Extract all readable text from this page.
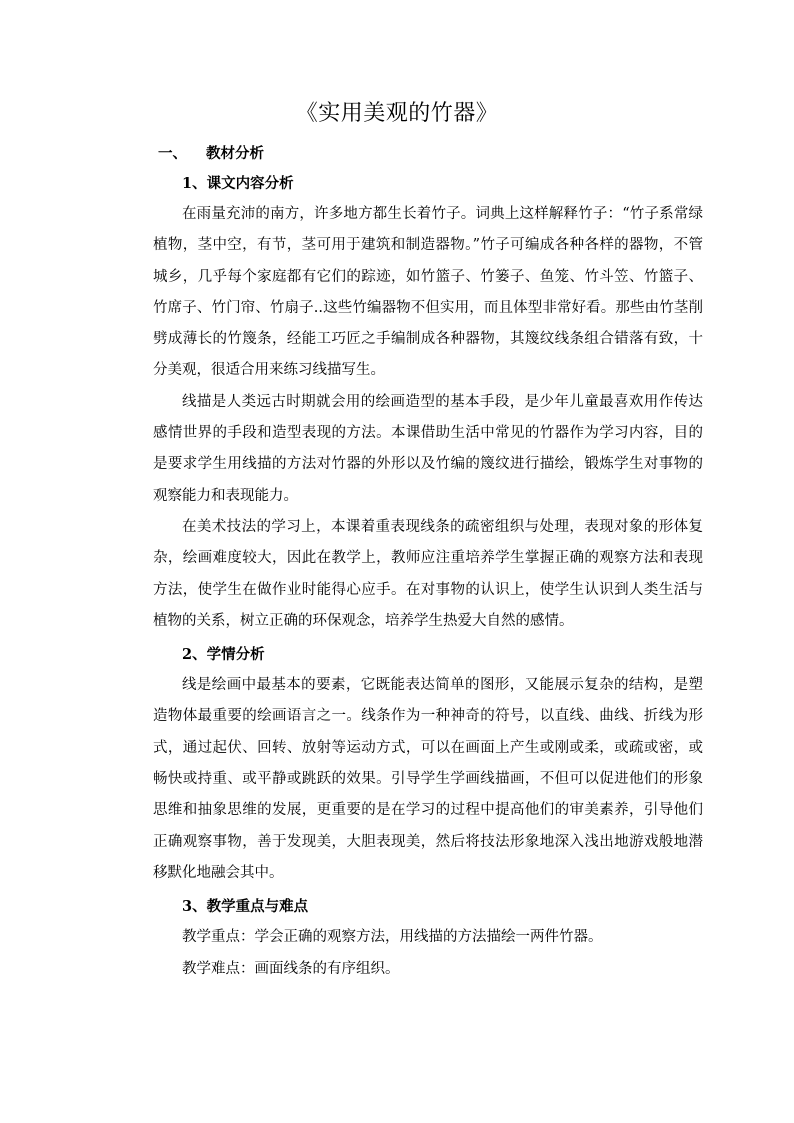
《实用美观的竹器》
一、	教材分析
1、课文内容分析

在雨量充沛的南方，许多地方都生长着竹子。词典上这样解释竹子：“竹子系常绿植物，茎中空，有节，茎可用于建筑和制造器物。”竹子可编成各种各样的器物，不管城乡，几乎每个家庭都有它们的踪迹，如竹篮子、竹篓子、鱼笼、竹斗笠、竹篮子、竹席子、竹门帘、竹扇子..这些竹编器物不但实用，而且体型非常好看。那些由竹茎削劈成薄长的竹篾条，经能工巧匠之手编制成各种器物，其篾纹线条组合错落有致，十分美观，很适合用来练习线描写生。

线描是人类远古时期就会用的绘画造型的基本手段，是少年儿童最喜欢用作传达感情世界的手段和造型表现的方法。本课借助生活中常见的竹器作为学习内容，目的是要求学生用线描的方法对竹器的外形以及竹编的篾纹进行描绘，锻炼学生对事物的观察能力和表现能力。

在美术技法的学习上，本课着重表现线条的疏密组织与处理，表现对象的形体复杂，绘画难度较大，因此在教学上，教师应注重培养学生掌握正确的观察方法和表现方法，使学生在做作业时能得心应手。在对事物的认识上，使学生认识到人类生活与植物的关系，树立正确的环保观念，培养学生热爱大自然的感情。

2、学情分析

线是绘画中最基本的要素，它既能表达简单的图形，又能展示复杂的结构，是塑造物体最重要的绘画语言之一。线条作为一种神奇的符号，以直线、曲线、折线为形式，通过起伏、回转、放射等运动方式，可以在画面上产生或刚或柔，或疏或密，或畅快或持重、或平静或跳跃的效果。引导学生学画线描画，不但可以促进他们的形象思维和抽象思维的发展，更重要的是在学习的过程中提高他们的审美素养，引导他们正确观察事物，善于发现美，大胆表现美，然后将技法形象地深入浅出地游戏般地潜移默化地融会其中。

3、教学重点与难点

教学重点：学会正确的观察方法，用线描的方法描绘一两件竹器。

教学难点：画面线条的有序组织。
